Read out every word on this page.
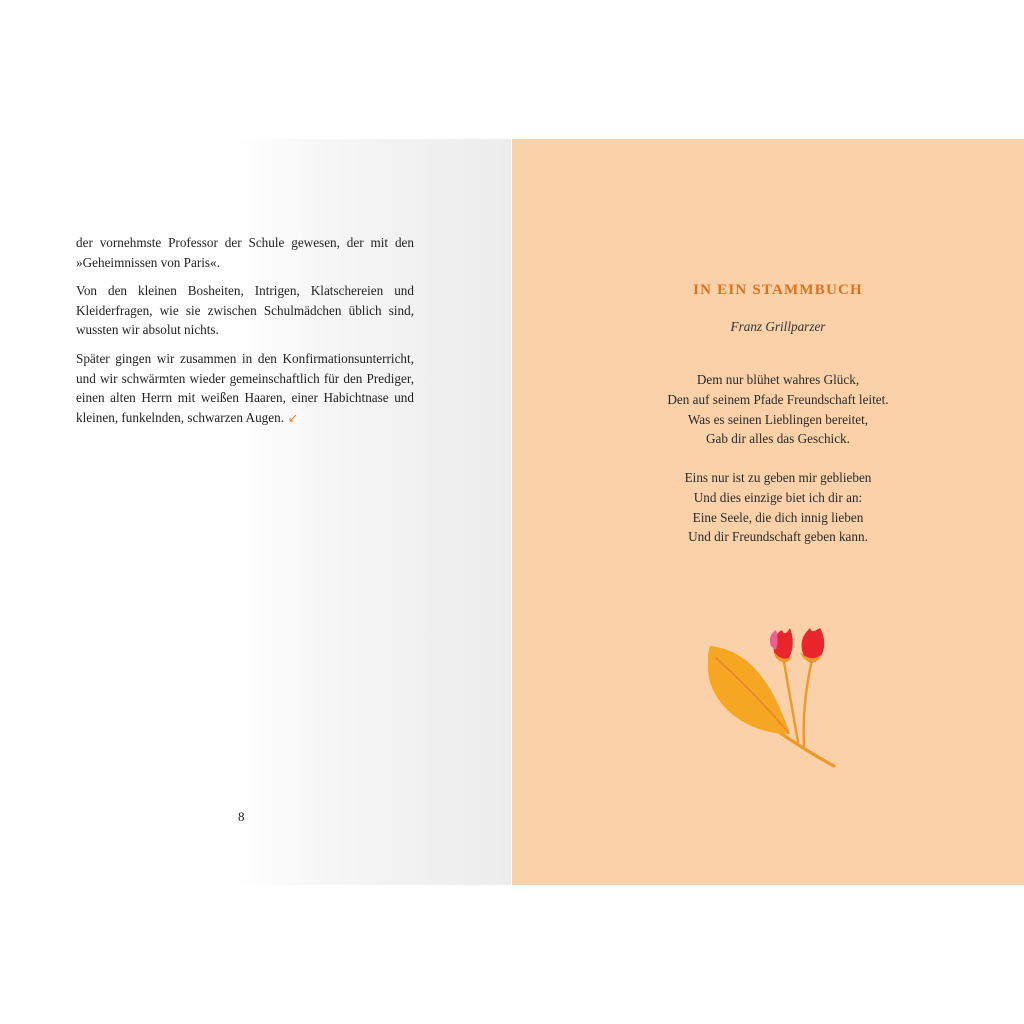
der vornehmste Professor der Schule gewesen, der mit den »Geheimnissen von Paris«.

Von den kleinen Bosheiten, Intrigen, Klatschereien und Kleiderfragen, wie sie zwischen Schulmädchen üblich sind, wussten wir absolut nichts.

Später gingen wir zusammen in den Konfirmationsunterricht, und wir schwärmten wieder gemeinschaftlich für den Prediger, einen alten Herrn mit weißen Haaren, einer Habichtnase und kleinen, funkelnden, schwarzen Augen. ↙

8
IN EIN STAMMBUCH
Franz Grillparzer
Dem nur blühet wahres Glück,
Den auf seinem Pfade Freundschaft leitet.
Was es seinen Lieblingen bereitet,
Gab dir alles das Geschick.
Eins nur ist zu geben mir geblieben
Und dies einzige biet ich dir an:
Eine Seele, die dich innig lieben
Und dir Freundschaft geben kann.
